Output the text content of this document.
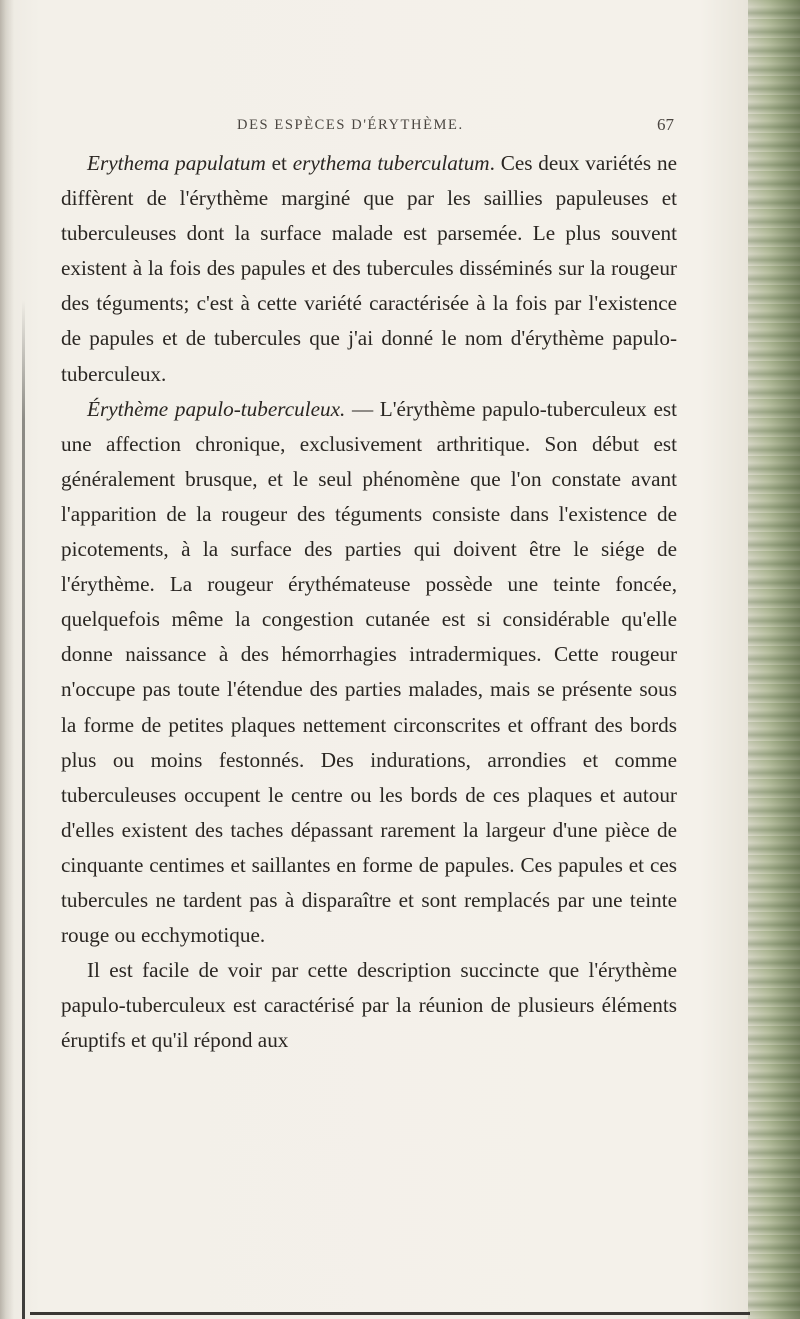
DES ESPÈCES D'ÉRYTHÈME.	67

Erythema papulatum et erythema tuberculatum. Ces deux variétés ne diffèrent de l'érythème marginé que par les saillies papuleuses et tuberculeuses dont la surface malade est parsemée. Le plus souvent existent à la fois des papules et des tubercules disséminés sur la rougeur des téguments; c'est à cette variété caractérisée à la fois par l'existence de papules et de tubercules que j'ai donné le nom d'érythème papulo-tuberculeux.

Érythème papulo-tuberculeux. — L'érythème papulo-tuberculeux est une affection chronique, exclusivement arthritique. Son début est généralement brusque, et le seul phénomène que l'on constate avant l'apparition de la rougeur des téguments consiste dans l'existence de picotements, à la surface des parties qui doivent être le siége de l'érythème. La rougeur érythémateuse possède une teinte foncée, quelquefois même la congestion cutanée est si considérable qu'elle donne naissance à des hémorrhagies intradermiques. Cette rougeur n'occupe pas toute l'étendue des parties malades, mais se présente sous la forme de petites plaques nettement circonscrites et offrant des bords plus ou moins festonnés. Des indurations, arrondies et comme tuberculeuses occupent le centre ou les bords de ces plaques et autour d'elles existent des taches dépassant rarement la largeur d'une pièce de cinquante centimes et saillantes en forme de papules. Ces papules et ces tubercules ne tardent pas à disparaître et sont remplacés par une teinte rouge ou ecchymotique.

Il est facile de voir par cette description succincte que l'érythème papulo-tuberculeux est caractérisé par la réunion de plusieurs éléments éruptifs et qu'il répond aux
